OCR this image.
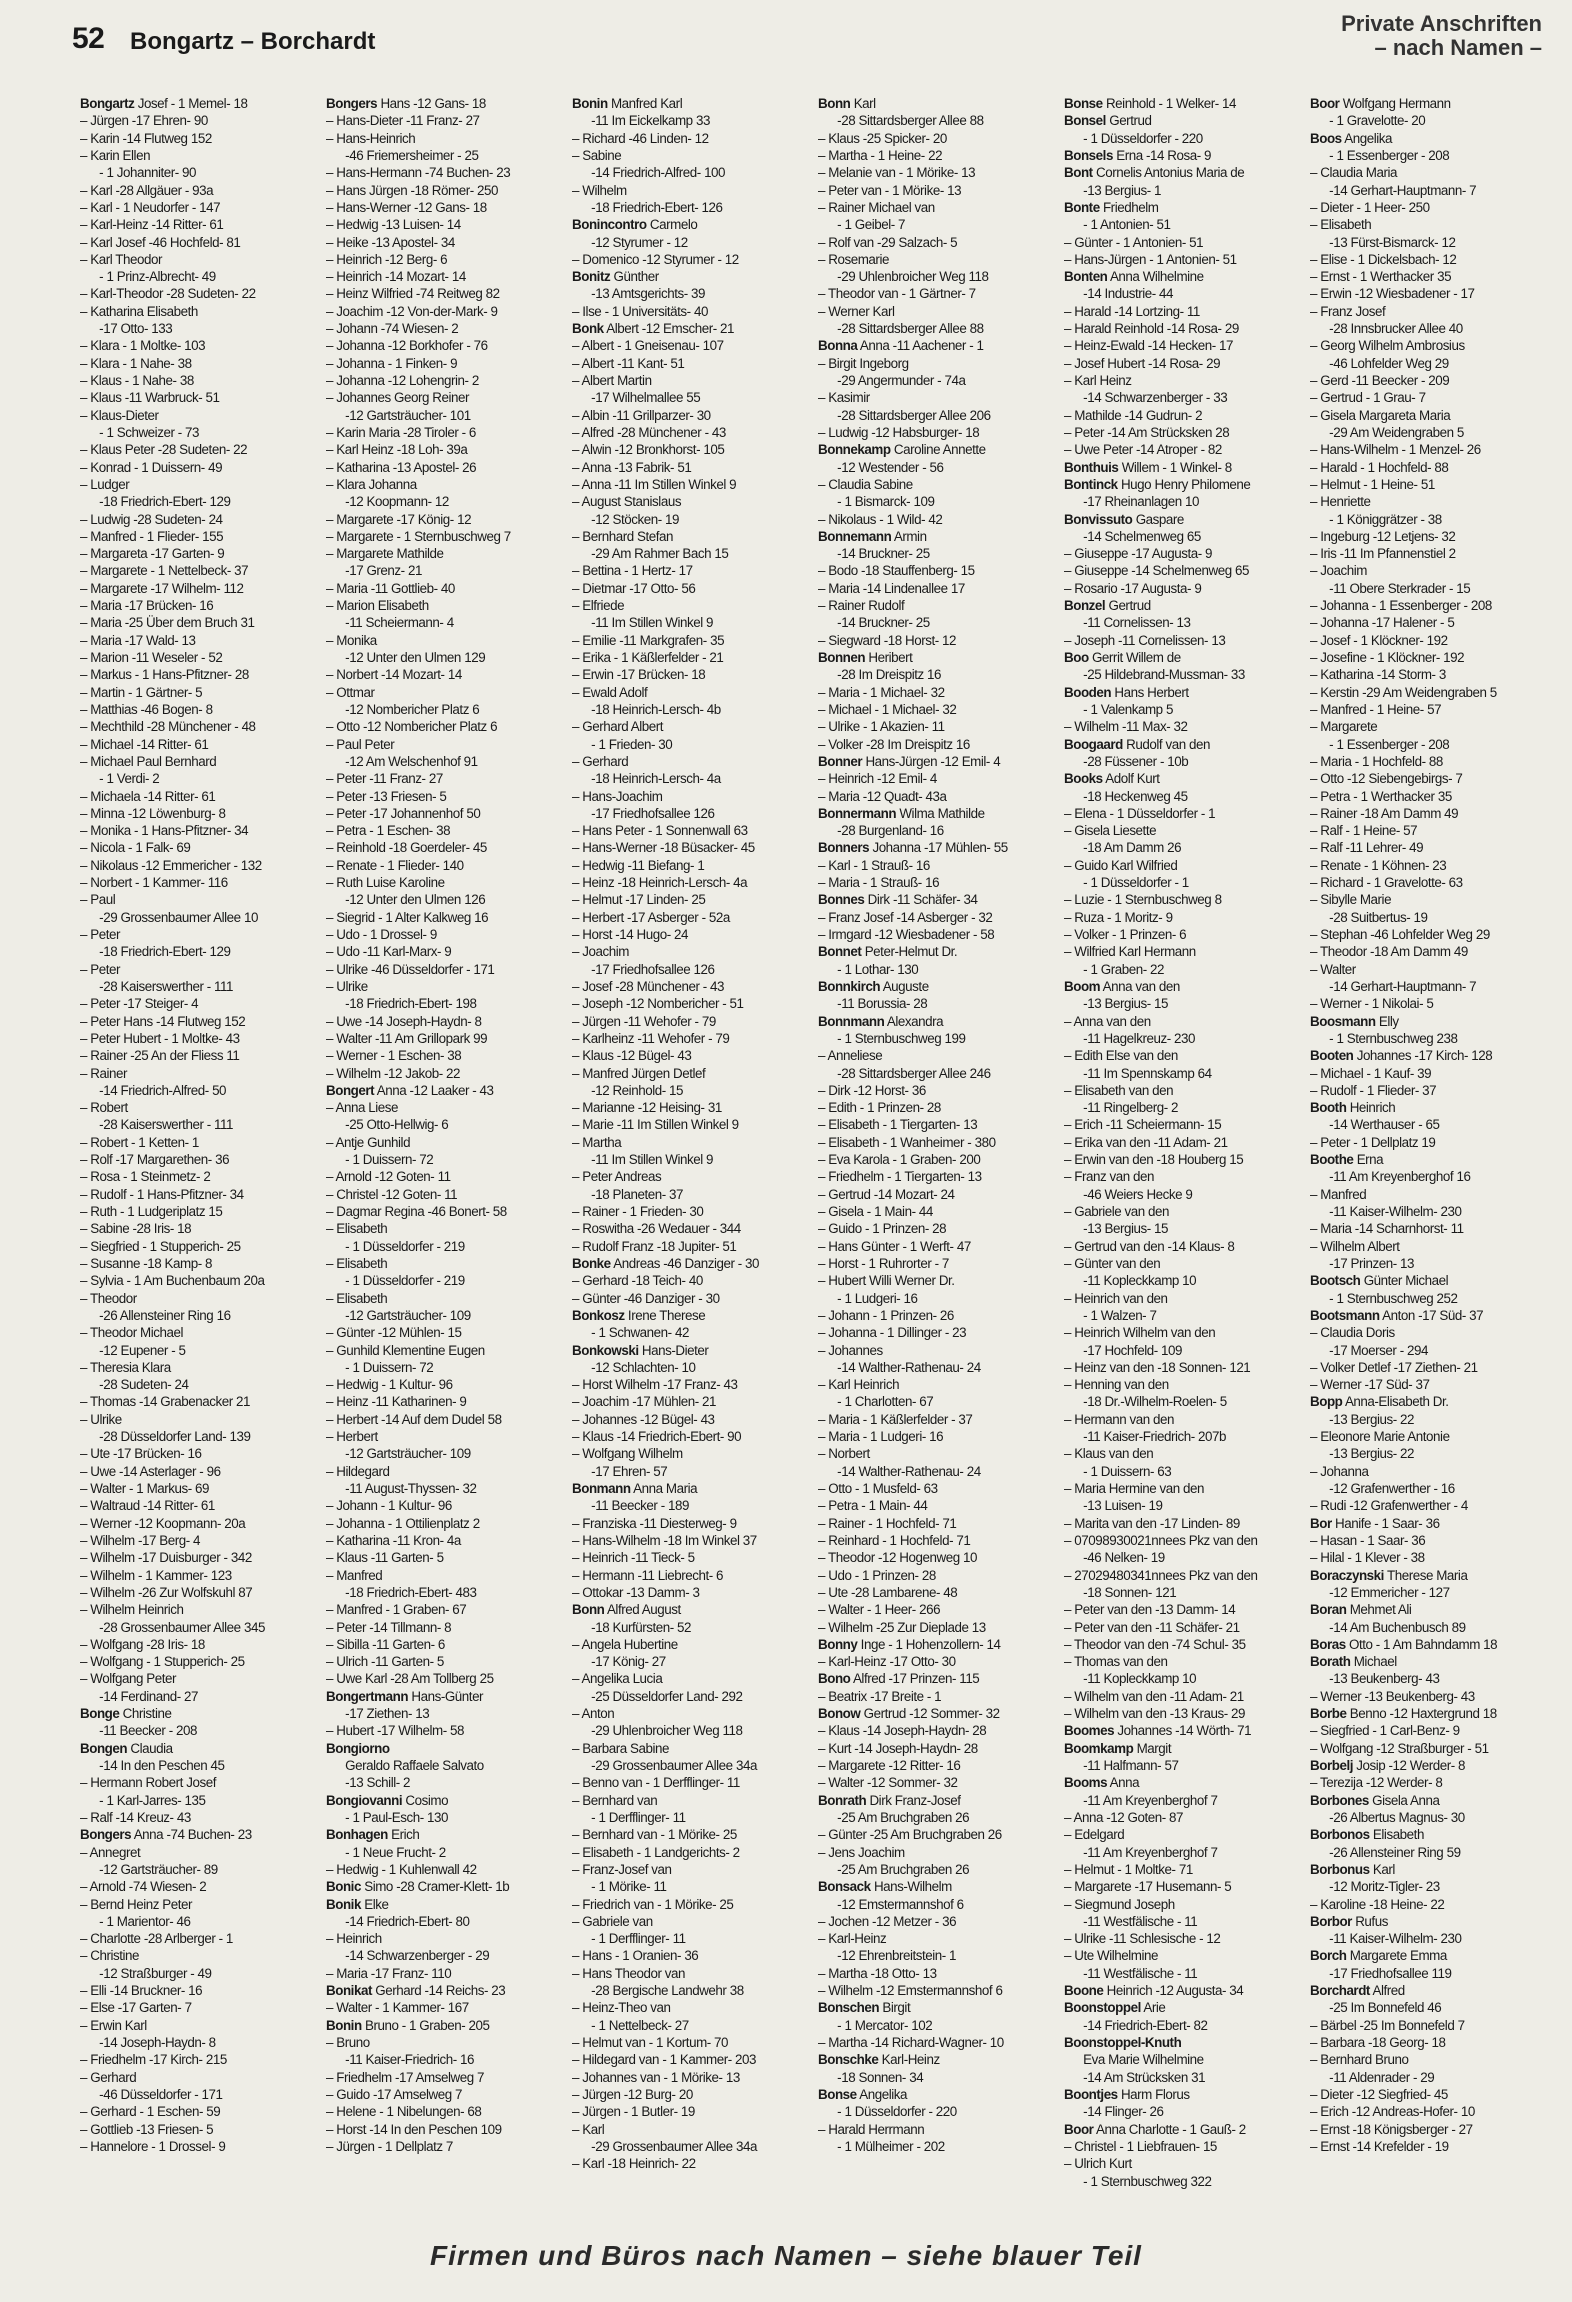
52 Bongartz – Borchardt
Private Anschriften
– nach Namen –
Bongartz Josef - 1 Memel- 18
– Jürgen -17 Ehren- 90
– Karin -14 Flutweg 152
– Karin Ellen
  - 1 Johanniter- 90
– Karl -28 Allgäuer - 93a
– Karl - 1 Neudorfer - 147
– Karl-Heinz -14 Ritter- 61
– Karl Josef -46 Hochfeld- 81
– Karl Theodor
  - 1 Prinz-Albrecht- 49
– Karl-Theodor -28 Sudeten- 22
– Katharina Elisabeth
  -17 Otto- 133
– Klara - 1 Moltke- 103
– Klara - 1 Nahe- 38
– Klaus - 1 Nahe- 38
– Klaus -11 Warbruck- 51
– Klaus-Dieter
  - 1 Schweizer - 73
– Klaus Peter -28 Sudeten- 22
– Konrad - 1 Duissern- 49
– Ludger
  -18 Friedrich-Ebert- 129
– Ludwig -28 Sudeten- 24
– Manfred - 1 Flieder- 155
– Margareta -17 Garten- 9
– Margarete - 1 Nettelbeck- 37
– Margarete -17 Wilhelm- 112
– Maria -17 Brücken- 16
– Maria -25 Über dem Bruch 31
– Maria -17 Wald- 13
– Marion -11 Weseler - 52
– Markus - 1 Hans-Pfitzner- 28
– Martin - 1 Gärtner- 5
– Matthias -46 Bogen- 8
– Mechthild -28 Münchener - 48
– Michael -14 Ritter- 61
– Michael Paul Bernhard
  - 1 Verdi- 2
– Michaela -14 Ritter- 61
– Minna -12 Löwenburg- 8
– Monika - 1 Hans-Pfitzner- 34
– Nicola - 1 Falk- 69
– Nikolaus -12 Emmericher - 132
– Norbert - 1 Kammer- 116
– Paul
  -29 Grossenbaumer Allee 10
– Peter
  -18 Friedrich-Ebert- 129
– Peter
  -28 Kaiserswerther - 111
– Peter -17 Steiger- 4
– Peter Hans -14 Flutweg 152
– Peter Hubert - 1 Moltke- 43
– Rainer -25 An der Fliess 11
– Rainer
  -14 Friedrich-Alfred- 50
– Robert
  -28 Kaiserswerther - 111
– Robert - 1 Ketten- 1
– Rolf -17 Margarethen- 36
– Rosa - 1 Steinmetz- 2
– Rudolf - 1 Hans-Pfitzner- 34
– Ruth - 1 Ludgeriplatz 15
– Sabine -28 Iris- 18
– Siegfried - 1 Stupperich- 25
– Susanne -18 Kamp- 8
– Sylvia - 1 Am Buchenbaum 20a
– Theodor
  -26 Allensteiner Ring 16
– Theodor Michael
  -12 Eupener - 5
– Theresia Klara
  -28 Sudeten- 24
– Thomas -14 Grabenacker 21
– Ulrike
  -28 Düsseldorfer Land- 139
– Ute -17 Brücken- 16
– Uwe -14 Asterlager - 96
– Walter - 1 Markus- 69
– Waltraud -14 Ritter- 61
– Werner -12 Koopmann- 20a
– Wilhelm -17 Berg- 4
– Wilhelm -17 Duisburger - 342
– Wilhelm - 1 Kammer- 123
– Wilhelm -26 Zur Wolfskuhl 87
– Wilhelm Heinrich
  -28 Grossenbaumer Allee 345
– Wolfgang -28 Iris- 18
– Wolfgang - 1 Stupperich- 25
– Wolfgang Peter
  -14 Ferdinand- 27
Bonge Christine
  -11 Beecker - 208
Bongen Claudia
  -14 In den Peschen 45
– Hermann Robert Josef
  - 1 Karl-Jarres- 135
– Ralf -14 Kreuz- 43
Bongers Anna -74 Buchen- 23
– Annegret
  -12 Gartsträucher- 89
– Arnold -74 Wiesen- 2
– Bernd Heinz Peter
  - 1 Marientor- 46
– Charlotte -28 Arlberger - 1
– Christine
  -12 Straßburger - 49
– Elli -14 Bruckner- 16
– Else -17 Garten- 7
– Erwin Karl
  -14 Joseph-Haydn- 8
– Friedhelm -17 Kirch- 215
– Gerhard
  -46 Düsseldorfer - 171
– Gerhard - 1 Eschen- 59
– Gottlieb -13 Friesen- 5
– Hannelore - 1 Drossel- 9
Bongers Hans -12 Gans- 18
– Hans-Dieter -11 Franz- 27
– Hans-Heinrich
  -46 Friemersheimer - 25
– Hans-Hermann -74 Buchen- 23
– Hans Jürgen -18 Römer- 250
– Hans-Werner -12 Gans- 18
– Hedwig -13 Luisen- 14
– Heike -13 Apostel- 34
– Heinrich -12 Berg- 6
– Heinrich -14 Mozart- 14
– Heinz Wilfried -74 Reitweg 82
– Joachim -12 Von-der-Mark- 9
– Johann -74 Wiesen- 2
– Johanna -12 Borkhofer - 76
– Johanna - 1 Finken- 9
– Johanna -12 Lohengrin- 2
– Johannes Georg Reiner
  -12 Gartsträucher- 101
– Karin Maria -28 Tiroler - 6
– Karl Heinz -18 Loh- 39a
– Katharina -13 Apostel- 26
– Klara Johanna
  -12 Koopmann- 12
– Margarete -17 König- 12
– Margarete - 1 Sternbuschweg 7
– Margarete Mathilde
  -17 Grenz- 21
– Maria -11 Gottlieb- 40
– Marion Elisabeth
  -11 Scheiermann- 4
– Monika
  -12 Unter den Ulmen 129
– Norbert -14 Mozart- 14
– Ottmar
  -12 Nombericher Platz 6
– Otto -12 Nombericher Platz 6
– Paul Peter
  -12 Am Welschenhof 91
– Peter -11 Franz- 27
– Peter -13 Friesen- 5
– Peter -17 Johannenhof 50
– Petra - 1 Eschen- 38
– Reinhold -18 Goerdeler- 45
– Renate - 1 Flieder- 140
– Ruth Luise Karoline
  -12 Unter den Ulmen 126
– Siegrid - 1 Alter Kalkweg 16
– Udo - 1 Drossel- 9
– Udo -11 Karl-Marx- 9
– Ulrike -46 Düsseldorfer - 171
– Ulrike
  -18 Friedrich-Ebert- 198
– Uwe -14 Joseph-Haydn- 8
– Walter -11 Am Grillopark 99
– Werner - 1 Eschen- 38
– Wilhelm -12 Jakob- 22
Bongert Anna -12 Laaker - 43
– Anna Liese
  -25 Otto-Hellwig- 6
– Antje Gunhild
  - 1 Duissern- 72
– Arnold -12 Goten- 11
– Christel -12 Goten- 11
– Dagmar Regina -46 Bonert- 58
– Elisabeth
  - 1 Düsseldorfer - 219
– Elisabeth
  - 1 Düsseldorfer - 219
– Elisabeth
  -12 Gartsträucher- 109
– Günter -12 Mühlen- 15
– Gunhild Klementine Eugen
  - 1 Duissern- 72
– Hedwig - 1 Kultur- 96
– Heinz -11 Katharinen- 9
– Herbert -14 Auf dem Dudel 58
– Herbert
  -12 Gartsträucher- 109
– Hildegard
  -11 August-Thyssen- 32
– Johann - 1 Kultur- 96
– Johanna - 1 Ottilienplatz 2
– Katharina -11 Kron- 4a
– Klaus -11 Garten- 5
– Manfred
  -18 Friedrich-Ebert- 483
– Manfred - 1 Graben- 67
– Peter -14 Tillmann- 8
– Sibilla -11 Garten- 6
– Ulrich -11 Garten- 5
– Uwe Karl -28 Am Tollberg 25
Bongertmann Hans-Günter
  -17 Ziethen- 13
– Hubert -17 Wilhelm- 58
Bongiorno
  Geraldo Raffaele Salvato
  -13 Schill- 2
Bongiovanni Cosimo
  - 1 Paul-Esch- 130
Bonhagen Erich
  - 1 Neue Frucht- 2
– Hedwig - 1 Kuhlenwall 42
Bonic Simo -28 Cramer-Klett- 1b
Bonik Elke
  -14 Friedrich-Ebert- 80
– Heinrich
  -14 Schwarzenberger - 29
– Maria -17 Franz- 110
Bonikat Gerhard -14 Reichs- 23
– Walter - 1 Kammer- 167
Bonin Bruno - 1 Graben- 205
– Bruno
  -11 Kaiser-Friedrich- 16
– Friedhelm -17 Amselweg 7
– Guido -17 Amselweg 7
– Helene - 1 Nibelungen- 68
– Horst -14 In den Peschen 109
– Jürgen - 1 Dellplatz 7
Bonin Manfred Karl
  -11 Im Eickelkamp 33
– Richard -46 Linden- 12
– Sabine
  -14 Friedrich-Alfred- 100
– Wilhelm
  -18 Friedrich-Ebert- 126
Bonincontro Carmelo
  -12 Styrumer - 12
– Domenico -12 Styrumer - 12
Bonitz Günther
  -13 Amtsgerichts- 39
– Ilse - 1 Universitäts- 40
Bonk Albert -12 Emscher- 21
– Albert - 1 Gneisenau- 107
– Albert -11 Kant- 51
– Albert Martin
  -17 Wilhelmallee 55
– Albin -11 Grillparzer- 30
– Alfred -28 Münchener - 43
– Alwin -12 Bronkhorst- 105
– Anna -13 Fabrik- 51
– Anna -11 Im Stillen Winkel 9
– August Stanislaus
  -12 Stöcken- 19
– Bernhard Stefan
  -29 Am Rahmer Bach 15
– Bettina - 1 Hertz- 17
– Dietmar -17 Otto- 56
– Elfriede
  -11 Im Stillen Winkel 9
– Emilie -11 Markgrafen- 35
– Erika - 1 Käßlerfelder - 21
– Erwin -17 Brücken- 18
– Ewald Adolf
  -18 Heinrich-Lersch- 4b
– Gerhard Albert
  - 1 Frieden- 30
– Gerhard
  -18 Heinrich-Lersch- 4a
– Hans-Joachim
  -17 Friedhofsallee 126
– Hans Peter - 1 Sonnenwall 63
– Hans-Werner -18 Büsacker- 45
– Hedwig -11 Biefang- 1
– Heinz -18 Heinrich-Lersch- 4a
– Helmut -17 Linden- 25
– Herbert -17 Asberger - 52a
– Horst -14 Hugo- 24
– Joachim
  -17 Friedhofsallee 126
– Josef -28 Münchener - 43
– Joseph -12 Nombericher - 51
– Jürgen -11 Wehofer - 79
– Karlheinz -11 Wehofer - 79
– Klaus -12 Bügel- 43
– Manfred Jürgen Detlef
  -12 Reinhold- 15
– Marianne -12 Heising- 31
– Marie -11 Im Stillen Winkel 9
– Martha
  -11 Im Stillen Winkel 9
– Peter Andreas
  -18 Planeten- 37
– Rainer - 1 Frieden- 30
– Roswitha -26 Wedauer - 344
– Rudolf Franz -18 Jupiter- 51
Bonke Andreas -46 Danziger - 30
– Gerhard -18 Teich- 40
– Günter -46 Danziger - 30
Bonkosz Irene Therese
  - 1 Schwanen- 42
Bonkowski Hans-Dieter
  -12 Schlachten- 10
– Horst Wilhelm -17 Franz- 43
– Joachim -17 Mühlen- 21
– Johannes -12 Bügel- 43
– Klaus -14 Friedrich-Ebert- 90
– Wolfgang Wilhelm
  -17 Ehren- 57
Bonmann Anna Maria
  -11 Beecker - 189
– Franziska -11 Diesterweg- 9
– Hans-Wilhelm -18 Im Winkel 37
– Heinrich -11 Tieck- 5
– Hermann -11 Liebrecht- 6
– Ottokar -13 Damm- 3
Bonn Alfred August
  -18 Kurfürsten- 52
– Angela Hubertine
  -17 König- 27
– Angelika Lucia
  -25 Düsseldorfer Land- 292
– Anton
  -29 Uhlenbroicher Weg 118
– Barbara Sabine
  -29 Grossenbaumer Allee 34a
– Benno van - 1 Derfflinger- 11
– Bernhard van
  - 1 Derfflinger- 11
– Bernhard van - 1 Mörike- 25
– Elisabeth - 1 Landgerichts- 2
– Franz-Josef van
  - 1 Mörike- 11
– Friedrich van - 1 Mörike- 25
– Gabriele van
  - 1 Derfflinger- 11
– Hans - 1 Oranien- 36
– Hans Theodor van
  -28 Bergische Landwehr 38
– Heinz-Theo van
  - 1 Nettelbeck- 27
– Helmut van - 1 Kortum- 70
– Hildegard van - 1 Kammer- 203
– Johannes van - 1 Mörike- 13
– Jürgen -12 Burg- 20
– Jürgen - 1 Butler- 19
– Karl
  -29 Grossenbaumer Allee 34a
– Karl -18 Heinrich- 22
Bonn Karl
  -28 Sittardsberger Allee 88
– Klaus -25 Spicker- 20
– Martha - 1 Heine- 22
– Melanie van - 1 Mörike- 13
– Peter van - 1 Mörike- 13
– Rainer Michael van
  - 1 Geibel- 7
– Rolf van -29 Salzach- 5
– Rosemarie
  -29 Uhlenbroicher Weg 118
– Theodor van - 1 Gärtner- 7
– Werner Karl
  -28 Sittardsberger Allee 88
Bonna Anna -11 Aachener - 1
– Birgit Ingeborg
  -29 Angermunder - 74a
– Kasimir
  -28 Sittardsberger Allee 206
– Ludwig -12 Habsburger- 18
Bonnekamp Caroline Annette
  -12 Westender - 56
– Claudia Sabine
  - 1 Bismarck- 109
– Nikolaus - 1 Wild- 42
Bonnemann Armin
  -14 Bruckner- 25
– Bodo -18 Stauffenberg- 15
– Maria -14 Lindenallee 17
– Rainer Rudolf
  -14 Bruckner- 25
– Siegward -18 Horst- 12
Bonnen Heribert
  -28 Im Dreispitz 16
– Maria - 1 Michael- 32
– Michael - 1 Michael- 32
– Ulrike - 1 Akazien- 11
– Volker -28 Im Dreispitz 16
Bonner Hans-Jürgen -12 Emil- 4
– Heinrich -12 Emil- 4
– Maria -12 Quadt- 43a
Bonnermann Wilma Mathilde
  -28 Burgenland- 16
Bonners Johanna -17 Mühlen- 55
– Karl - 1 Strauß- 16
– Maria - 1 Strauß- 16
Bonnes Dirk -11 Schäfer- 34
– Franz Josef -14 Asberger - 32
– Irmgard -12 Wiesbadener - 58
Bonnet Peter-Helmut Dr.
  - 1 Lothar- 130
Bonnkirch Auguste
  -11 Borussia- 28
Bonnmann Alexandra
  - 1 Sternbuschweg 199
– Anneliese
  -28 Sittardsberger Allee 246
– Dirk -12 Horst- 36
– Edith - 1 Prinzen- 28
– Elisabeth - 1 Tiergarten- 13
– Elisabeth - 1 Wanheimer - 380
– Eva Karola - 1 Graben- 200
– Friedhelm - 1 Tiergarten- 13
– Gertrud -14 Mozart- 24
– Gisela - 1 Main- 44
– Guido - 1 Prinzen- 28
– Hans Günter - 1 Werft- 47
– Horst - 1 Ruhrorter - 7
– Hubert Willi Werner Dr.
  - 1 Ludgeri- 16
– Johann - 1 Prinzen- 26
– Johanna - 1 Dillinger - 23
– Johannes
  -14 Walther-Rathenau- 24
– Karl Heinrich
  - 1 Charlotten- 67
– Maria - 1 Käßlerfelder - 37
– Maria - 1 Ludgeri- 16
– Norbert
  -14 Walther-Rathenau- 24
– Otto - 1 Musfeld- 63
– Petra - 1 Main- 44
– Rainer - 1 Hochfeld- 71
– Reinhard - 1 Hochfeld- 71
– Theodor -12 Hogenweg 10
– Udo - 1 Prinzen- 28
– Ute -28 Lambarene- 48
– Walter - 1 Heer- 266
– Wilhelm -25 Zur Dieplade 13
Bonny Inge - 1 Hohenzollern- 14
– Karl-Heinz -17 Otto- 30
Bono Alfred -17 Prinzen- 115
– Beatrix -17 Breite - 1
Bonow Gertrud -12 Sommer- 32
– Klaus -14 Joseph-Haydn- 28
– Kurt -14 Joseph-Haydn- 28
– Margarete -12 Ritter- 16
– Walter -12 Sommer- 32
Bonrath Dirk Franz-Josef
  -25 Am Bruchgraben 26
– Günter -25 Am Bruchgraben 26
– Jens Joachim
  -25 Am Bruchgraben 26
Bonsack Hans-Wilhelm
  -12 Emstermannshof 6
– Jochen -12 Metzer - 36
– Karl-Heinz
  -12 Ehrenbreitstein- 1
– Martha -18 Otto- 13
– Wilhelm -12 Emstermannshof 6
Bonschen Birgit
  - 1 Mercator- 102
– Martha -14 Richard-Wagner- 10
Bonschke Karl-Heinz
  -18 Sonnen- 34
Bonse Angelika
  - 1 Düsseldorfer - 220
– Harald Herrmann
  - 1 Mülheimer - 202
Bonse Reinhold - 1 Welker- 14
Bonsel Gertrud
  - 1 Düsseldorfer - 220
Bonsels Erna -14 Rosa- 9
Bont Cornelis Antonius Maria de
  -13 Bergius- 1
Bonte Friedhelm
  - 1 Antonien- 51
– Günter - 1 Antonien- 51
– Hans-Jürgen - 1 Antonien- 51
Bonten Anna Wilhelmine
  -14 Industrie- 44
– Harald -14 Lortzing- 11
– Harald Reinhold -14 Rosa- 29
– Heinz-Ewald -14 Hecken- 17
– Josef Hubert -14 Rosa- 29
– Karl Heinz
  -14 Schwarzenberger - 33
– Mathilde -14 Gudrun- 2
– Peter -14 Am Strücksken 28
– Uwe Peter -14 Atroper - 82
Bonthuis Willem - 1 Winkel- 8
Bontinck Hugo Henry Philomene
  -17 Rheinanlagen 10
Bonvissuto Gaspare
  -14 Schelmenweg 65
– Giuseppe -17 Augusta- 9
– Giuseppe -14 Schelmenweg 65
– Rosario -17 Augusta- 9
Bonzel Gertrud
  -11 Cornelissen- 13
– Joseph -11 Cornelissen- 13
Boo Gerrit Willem de
  -25 Hildebrand-Mussman- 33
Booden Hans Herbert
  - 1 Valenkamp 5
– Wilhelm -11 Max- 32
Boogaard Rudolf van den
  -28 Füssener - 10b
Books Adolf Kurt
  -18 Heckenweg 45
– Elena - 1 Düsseldorfer - 1
– Gisela Liesette
  -18 Am Damm 26
– Guido Karl Wilfried
  - 1 Düsseldorfer - 1
– Luzie - 1 Sternbuschweg 8
– Ruza - 1 Moritz- 9
– Volker - 1 Prinzen- 6
– Wilfried Karl Hermann
  - 1 Graben- 22
Boom Anna van den
  -13 Bergius- 15
– Anna van den
  -11 Hagelkreuz- 230
– Edith Else van den
  -11 Im Spennskamp 64
– Elisabeth van den
  -11 Ringelberg- 2
– Erich -11 Scheiermann- 15
– Erika van den -11 Adam- 21
– Erwin van den -18 Houberg 15
– Franz van den
  -46 Weiers Hecke 9
– Gabriele van den
  -13 Bergius- 15
– Gertrud van den -14 Klaus- 8
– Günter van den
  -11 Kopleckkamp 10
– Heinrich van den
  - 1 Walzen- 7
– Heinrich Wilhelm van den
  -17 Hochfeld- 109
– Heinz van den -18 Sonnen- 121
– Henning van den
  -18 Dr.-Wilhelm-Roelen- 5
– Hermann van den
  -11 Kaiser-Friedrich- 207b
– Klaus van den
  - 1 Duissern- 63
– Maria Hermine van den
  -13 Luisen- 19
– Marita van den -17 Linden- 89
– 07098930021nnees Pkz van den
  -46 Nelken- 19
– 27029480341nnees Pkz van den
  -18 Sonnen- 121
– Peter van den -13 Damm- 14
– Peter van den -11 Schäfer- 21
– Theodor van den -74 Schul- 35
– Thomas van den
  -11 Kopleckkamp 10
– Wilhelm van den -11 Adam- 21
– Wilhelm van den -13 Kraus- 29
Boomes Johannes -14 Wörth- 71
Boomkamp Margit
  -11 Halfmann- 57
Booms Anna
  -11 Am Kreyenberghof 7
– Anna -12 Goten- 87
– Edelgard
  -11 Am Kreyenberghof 7
– Helmut - 1 Moltke- 71
– Margarete -17 Husemann- 5
– Siegmund Joseph
  -11 Westfälische - 11
– Ulrike -11 Schlesische - 12
– Ute Wilhelmine
  -11 Westfälische - 11
Boone Heinrich -12 Augusta- 34
Boonstoppel Arie
  -14 Friedrich-Ebert- 82
Boonstoppel-Knuth
  Eva Marie Wilhelmine
  -14 Am Strücksken 31
Boontjes Harm Florus
  -14 Flinger- 26
Boor Anna Charlotte - 1 Gauß- 2
– Christel - 1 Liebfrauen- 15
– Ulrich Kurt
  - 1 Sternbuschweg 322
Boor Wolfgang Hermann
  - 1 Gravelotte- 20
Boos Angelika
  - 1 Essenberger - 208
– Claudia Maria
  -14 Gerhart-Hauptmann- 7
– Dieter - 1 Heer- 250
– Elisabeth
  -13 Fürst-Bismarck- 12
– Elise - 1 Dickelsbach- 12
– Ernst - 1 Werthacker 35
– Erwin -12 Wiesbadener - 17
– Franz Josef
  -28 Innsbrucker Allee 40
– Georg Wilhelm Ambrosius
  -46 Lohfelder Weg 29
– Gerd -11 Beecker - 209
– Gertrud - 1 Grau- 7
– Gisela Margareta Maria
  -29 Am Weidengraben 5
– Hans-Wilhelm - 1 Menzel- 26
– Harald - 1 Hochfeld- 88
– Helmut - 1 Heine- 51
– Henriette
  - 1 Königgrätzer - 38
– Ingeburg -12 Letjens- 32
– Iris -11 Im Pfannenstiel 2
– Joachim
  -11 Obere Sterkrader - 15
– Johanna - 1 Essenberger - 208
– Johanna -17 Halener - 5
– Josef - 1 Klöckner- 192
– Josefine - 1 Klöckner- 192
– Katharina -14 Storm- 3
– Kerstin -29 Am Weidengraben 5
– Manfred - 1 Heine- 57
– Margarete
  - 1 Essenberger - 208
– Maria - 1 Hochfeld- 88
– Otto -12 Siebengebirgs- 7
– Petra - 1 Werthacker 35
– Rainer -18 Am Damm 49
– Ralf - 1 Heine- 57
– Ralf -11 Lehrer- 49
– Renate - 1 Köhnen- 23
– Richard - 1 Gravelotte- 63
– Sibylle Marie
  -28 Suitbertus- 19
– Stephan -46 Lohfelder Weg 29
– Theodor -18 Am Damm 49
– Walter
  -14 Gerhart-Hauptmann- 7
– Werner - 1 Nikolai- 5
Boosmann Elly
  - 1 Sternbuschweg 238
Booten Johannes -17 Kirch- 128
– Michael - 1 Kauf- 39
– Rudolf - 1 Flieder- 37
Booth Heinrich
  -14 Werthauser - 65
– Peter - 1 Dellplatz 19
Boothe Erna
  -11 Am Kreyenberghof 16
– Manfred
  -11 Kaiser-Wilhelm- 230
– Maria -14 Scharnhorst- 11
– Wilhelm Albert
  -17 Prinzen- 13
Bootsch Günter Michael
  - 1 Sternbuschweg 252
Bootsmann Anton -17 Süd- 37
– Claudia Doris
  -17 Moerser - 294
– Volker Detlef -17 Ziethen- 21
– Werner -17 Süd- 37
Bopp Anna-Elisabeth Dr.
  -13 Bergius- 22
– Eleonore Marie Antonie
  -13 Bergius- 22
– Johanna
  -12 Grafenwerther - 16
– Rudi -12 Grafenwerther - 4
Bor Hanife - 1 Saar- 36
– Hasan - 1 Saar- 36
– Hilal - 1 Klever - 38
Boraczynski Therese Maria
  -12 Emmericher - 127
Boran Mehmet Ali
  -14 Am Buchenbusch 89
Boras Otto - 1 Am Bahndamm 18
Borath Michael
  -13 Beukenberg- 43
– Werner -13 Beukenberg- 43
Borbe Benno -12 Haxtergrund 18
– Siegfried - 1 Carl-Benz- 9
– Wolfgang -12 Straßburger - 51
Borbelj Josip -12 Werder- 8
– Terezija -12 Werder- 8
Borbones Gisela Anna
  -26 Albertus Magnus- 30
Borbonos Elisabeth
  -26 Allensteiner Ring 59
Borbonus Karl
  -12 Moritz-Tigler- 23
– Karoline -18 Heine- 22
Borbor Rufus
  -11 Kaiser-Wilhelm- 230
Borch Margarete Emma
  -17 Friedhofsallee 119
Borchardt Alfred
  -25 Im Bonnefeld 46
– Bärbel -25 Im Bonnefeld 7
– Barbara -18 Georg- 18
– Bernhard Bruno
  -11 Aldenrader - 29
– Dieter -12 Siegfried- 45
– Erich -12 Andreas-Hofer- 10
– Ernst -18 Königsberger - 27
– Ernst -14 Krefelder - 19
Firmen und Büros nach Namen – siehe blauer Teil
